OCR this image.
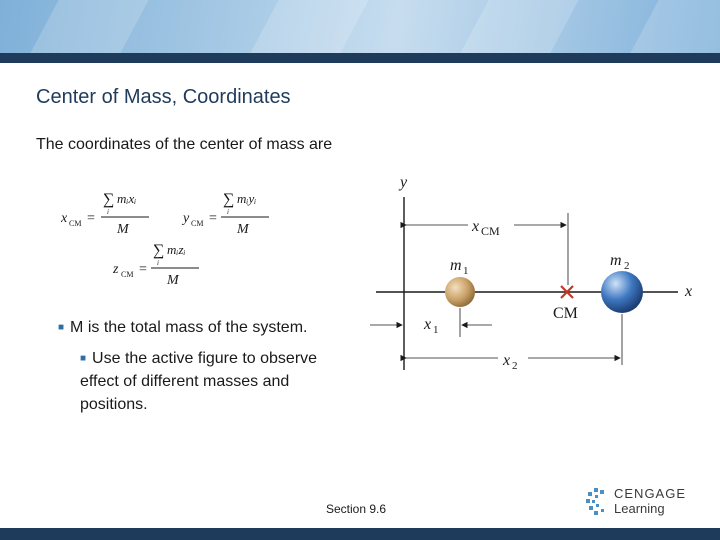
Center of Mass, Coordinates
The coordinates of the center of mass are
x CM =
∑
i
mᵢxᵢ
M
y CM =
∑
i
mᵢyᵢ
M
z CM =
∑
i
mᵢzᵢ
M
■ M is the total mass of the system.
■ Use the active figure to observe effect of different masses and positions.
y
x
x CM
m 1
m 2
CM
x 1
x 2
Section 9.6
CENGAGE
Learning
